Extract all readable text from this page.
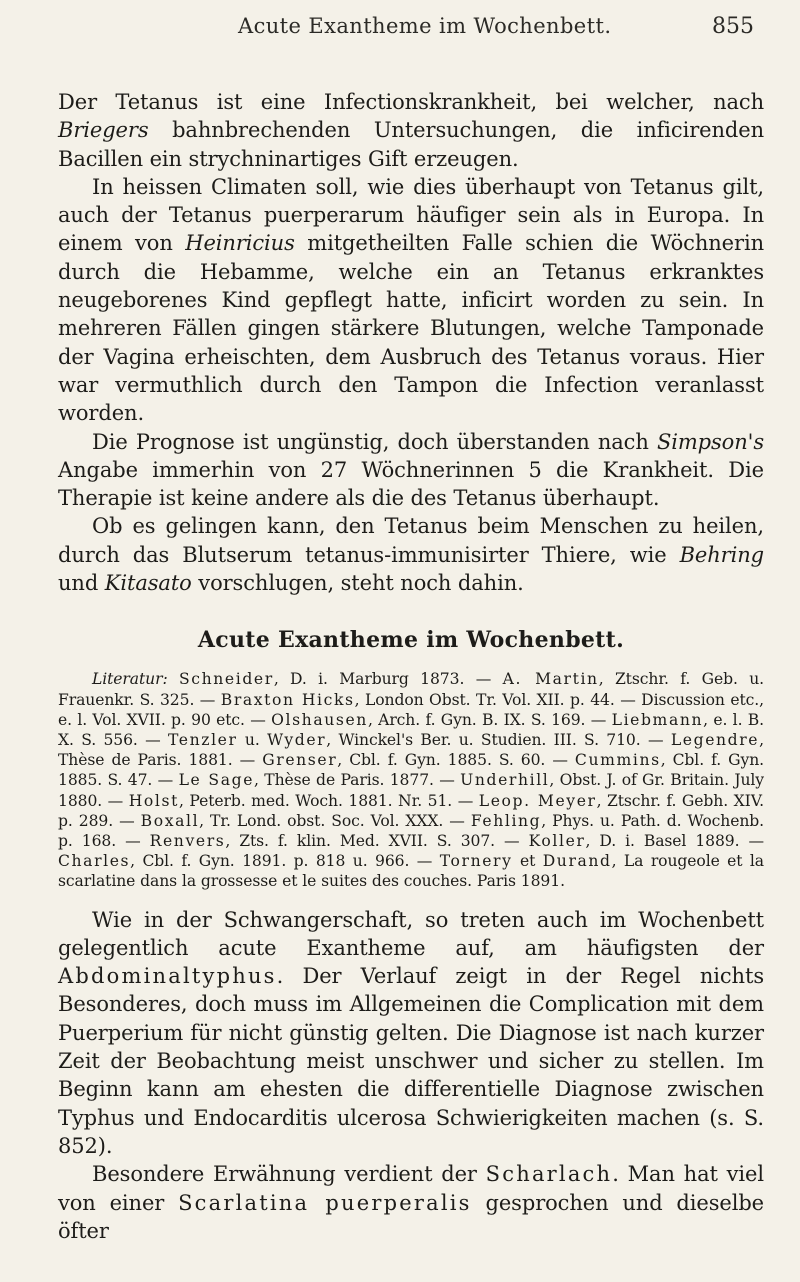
Acute Exantheme im Wochenbett.	855

Der Tetanus ist eine Infectionskrankheit, bei welcher, nach Briegers bahnbrechenden Untersuchungen, die inficirenden Bacillen ein strychninartiges Gift erzeugen.

In heissen Climaten soll, wie dies überhaupt von Tetanus gilt, auch der Tetanus puerperarum häufiger sein als in Europa. In einem von Heinricius mitgetheilten Falle schien die Wöchnerin durch die Hebamme, welche ein an Tetanus erkranktes neugeborenes Kind gepflegt hatte, inficirt worden zu sein. In mehreren Fällen gingen stärkere Blutungen, welche Tamponade der Vagina erheischten, dem Ausbruch des Tetanus voraus. Hier war vermuthlich durch den Tampon die Infection veranlasst worden.

Die Prognose ist ungünstig, doch überstanden nach Simpson's Angabe immerhin von 27 Wöchnerinnen 5 die Krankheit. Die Therapie ist keine andere als die des Tetanus überhaupt.

Ob es gelingen kann, den Tetanus beim Menschen zu heilen, durch das Blutserum tetanus-immunisirter Thiere, wie Behring und Kitasato vorschlugen, steht noch dahin.

Acute Exantheme im Wochenbett.

Literatur: Schneider, D. i. Marburg 1873. — A. Martin, Ztschr. f. Geb. u. Frauenkr. S. 325. — Braxton Hicks, London Obst. Tr. Vol. XII. p. 44. — Discussion etc., e. l. Vol. XVII. p. 90 etc. — Olshausen, Arch. f. Gyn. B. IX. S. 169. — Liebmann, e. l. B. X. S. 556. — Tenzler u. Wyder, Winckel's Ber. u. Studien. III. S. 710. — Legendre, Thèse de Paris. 1881. — Grenser, Cbl. f. Gyn. 1885. S. 60. — Cummins, Cbl. f. Gyn. 1885. S. 47. — Le Sage, Thèse de Paris. 1877. — Underhill, Obst. J. of Gr. Britain. July 1880. — Holst, Peterb. med. Woch. 1881. Nr. 51. — Leop. Meyer, Ztschr. f. Gebh. XIV. p. 289. — Boxall, Tr. Lond. obst. Soc. Vol. XXX. — Fehling, Phys. u. Path. d. Wochenb. p. 168. — Renvers, Zts. f. klin. Med. XVII. S. 307. — Koller, D. i. Basel 1889. — Charles, Cbl. f. Gyn. 1891. p. 818 u. 966. — Tornery et Durand, La rougeole et la scarlatine dans la grossesse et le suites des couches. Paris 1891.

Wie in der Schwangerschaft, so treten auch im Wochenbett gelegentlich acute Exantheme auf, am häufigsten der Abdominaltyphus. Der Verlauf zeigt in der Regel nichts Besonderes, doch muss im Allgemeinen die Complication mit dem Puerperium für nicht günstig gelten. Die Diagnose ist nach kurzer Zeit der Beobachtung meist unschwer und sicher zu stellen. Im Beginn kann am ehesten die differentielle Diagnose zwischen Typhus und Endocarditis ulcerosa Schwierigkeiten machen (s. S. 852).

Besondere Erwähnung verdient der Scharlach. Man hat viel von einer Scarlatina puerperalis gesprochen und dieselbe öfter
